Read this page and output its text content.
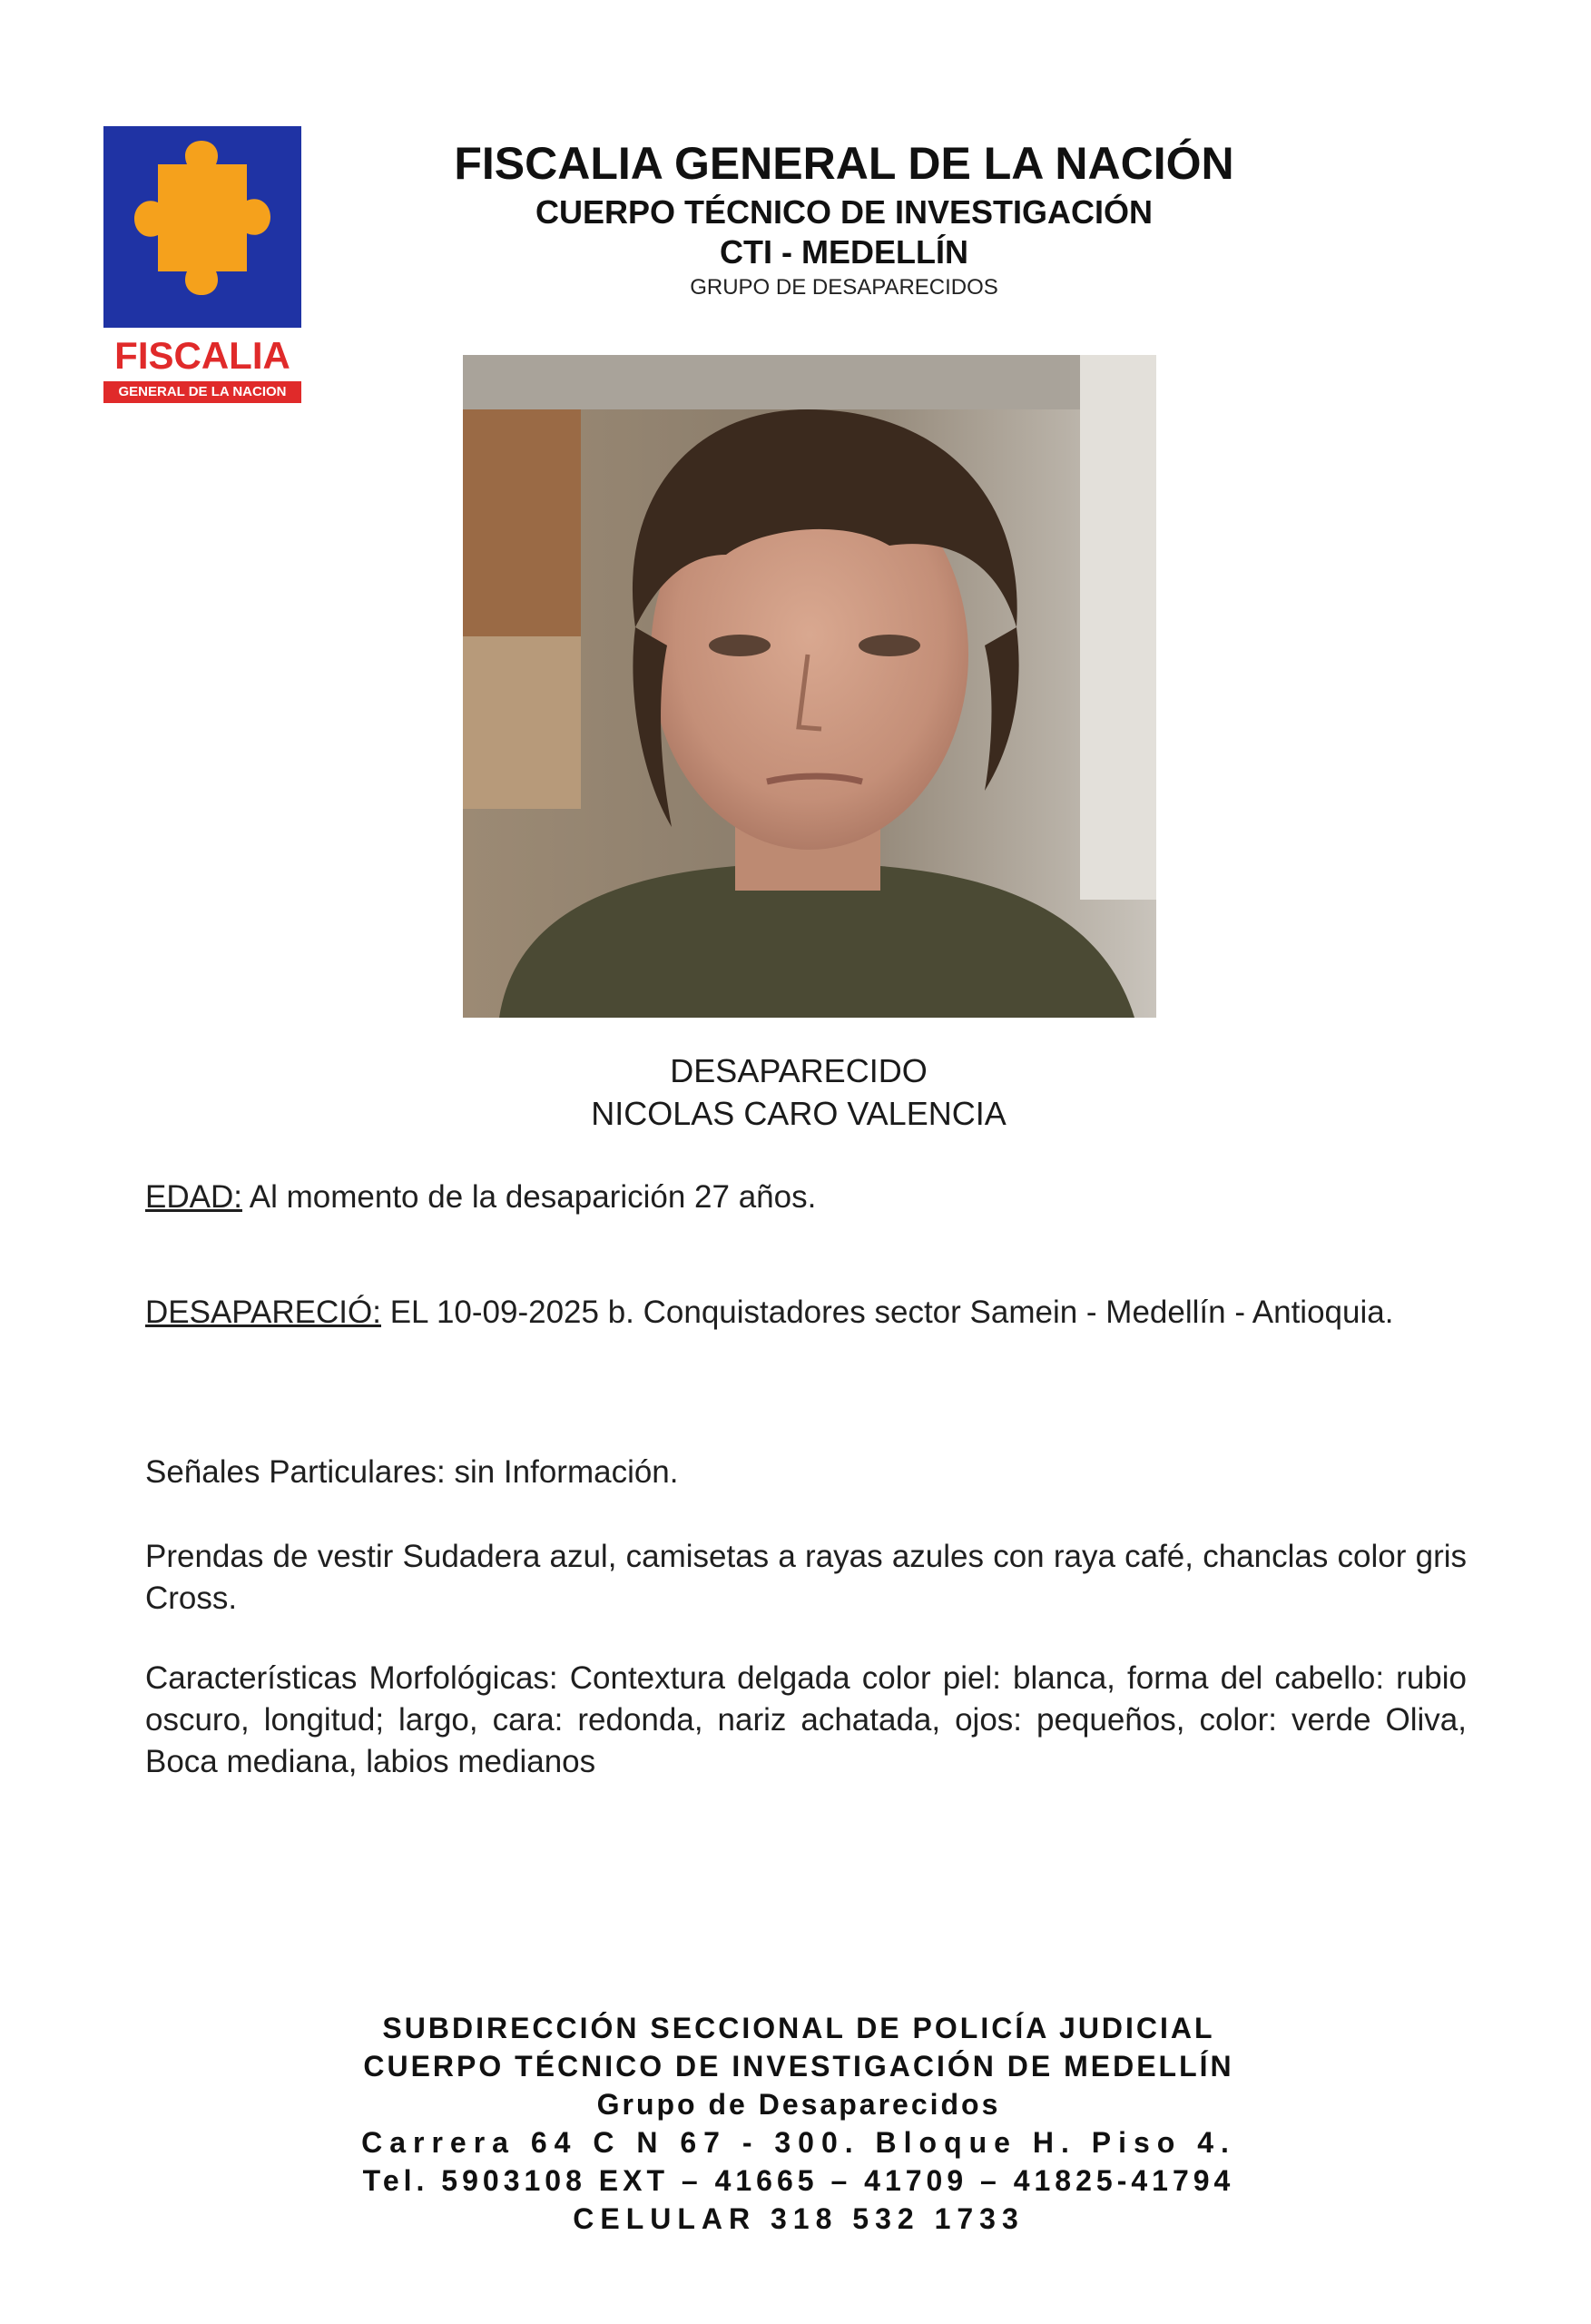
FISCALIA
GENERAL DE LA NACION
FISCALIA GENERAL DE LA NACIÓN
CUERPO TÉCNICO DE INVESTIGACIÓN
CTI - MEDELLÍN
GRUPO DE DESAPARECIDOS
DESAPARECIDO
NICOLAS CARO VALENCIA
EDAD: Al momento de la desaparición 27 años.
DESAPARECIÓ: EL 10-09-2025 b. Conquistadores sector Samein - Medellín - Antioquia.
Señales Particulares: sin Información.
Prendas de vestir Sudadera azul, camisetas a rayas azules con raya café, chanclas color gris Cross.
Características Morfológicas: Contextura delgada color piel: blanca, forma del cabello: rubio oscuro, longitud; largo, cara: redonda, nariz achatada, ojos: pequeños, color: verde Oliva, Boca mediana, labios medianos
SUBDIRECCIÓN SECCIONAL DE POLICÍA JUDICIAL
CUERPO TÉCNICO DE INVESTIGACIÓN DE MEDELLÍN
Grupo de Desaparecidos
Carrera 64 C N 67 - 300. Bloque H. Piso 4.
Tel. 5903108 EXT – 41665 – 41709 – 41825-41794
CELULAR 318 532 1733
